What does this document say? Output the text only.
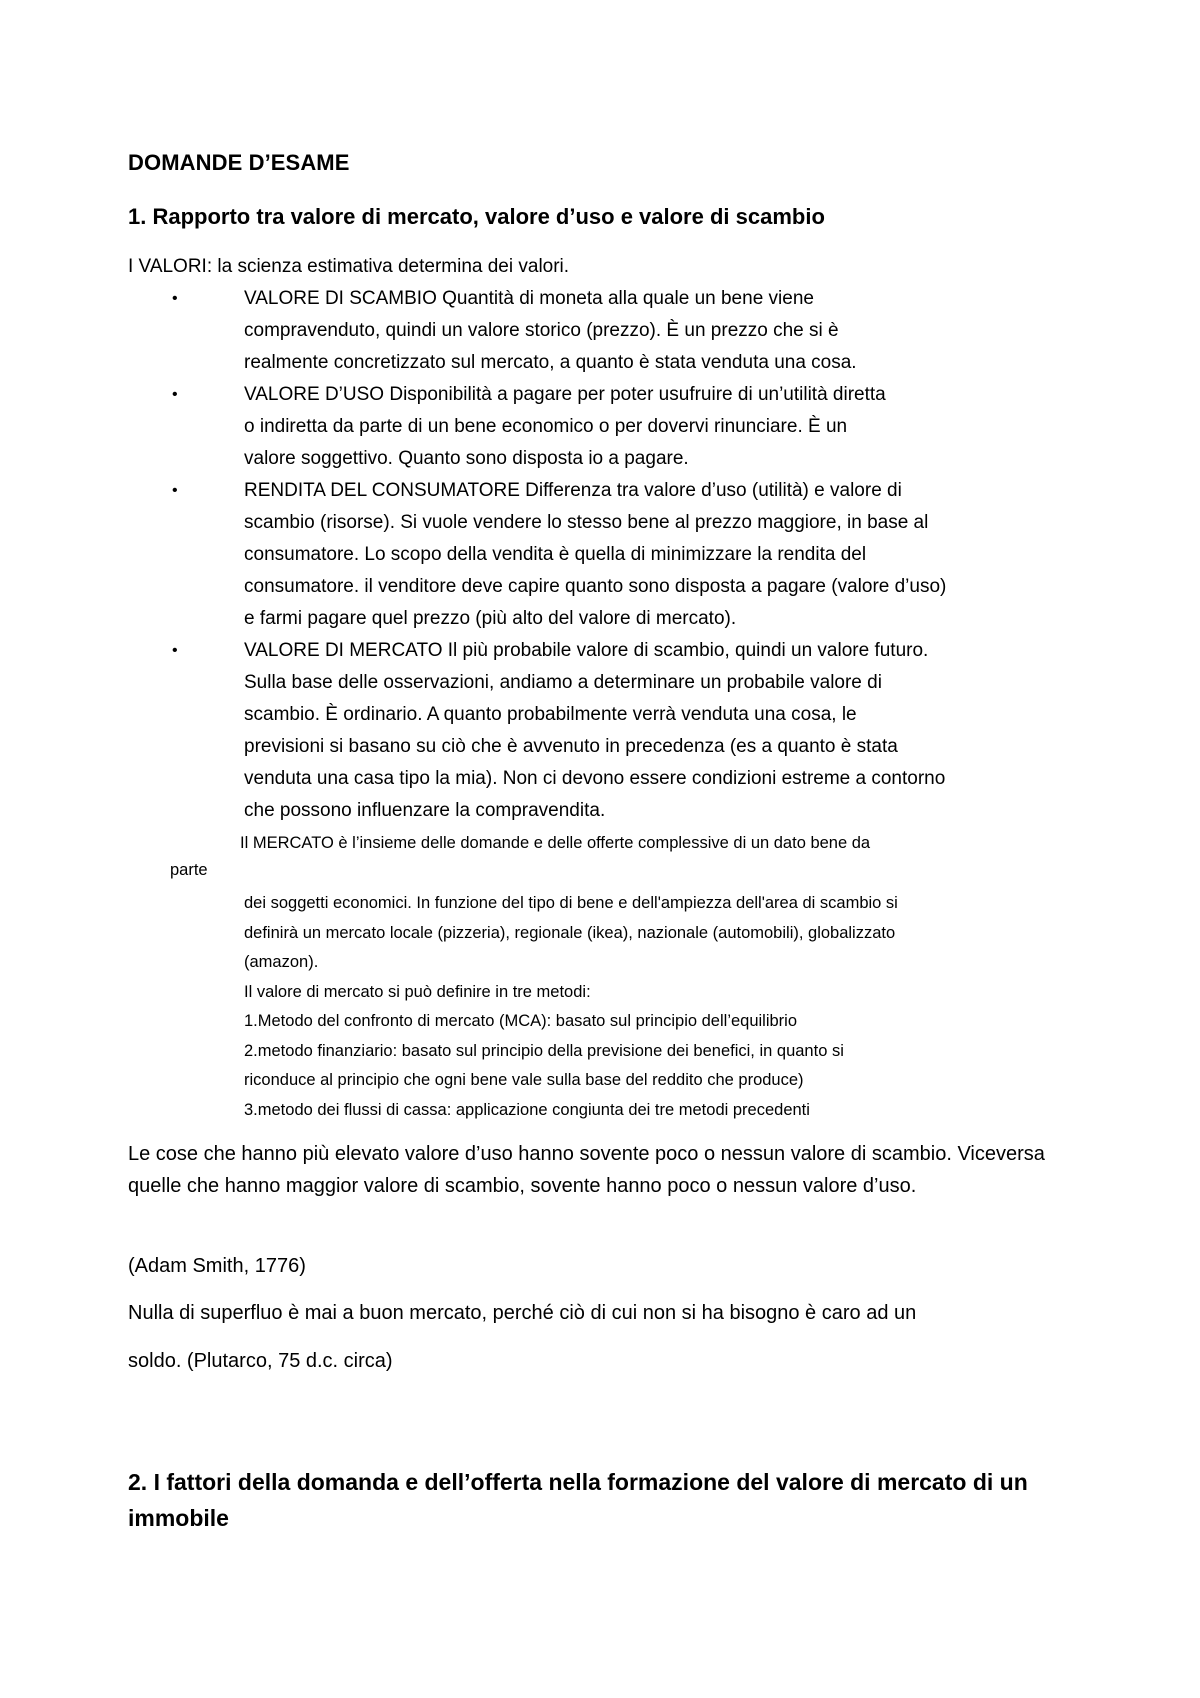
DOMANDE D’ESAME
1. Rapporto tra valore di mercato, valore d’uso e valore di scambio
I VALORI: la scienza estimativa determina dei valori.
•	VALORE DI SCAMBIO Quantità di moneta alla quale un bene viene
compravenduto, quindi un valore storico (prezzo). È un prezzo che si è
realmente concretizzato sul mercato, a quanto è stata venduta una cosa.
•	VALORE D’USO Disponibilità a pagare per poter usufruire di un’utilità diretta
o indiretta da parte di un bene economico o per dovervi rinunciare. È un
valore soggettivo. Quanto sono disposta io a pagare.
•	RENDITA DEL CONSUMATORE Differenza tra valore d’uso (utilità) e valore di
scambio (risorse). Si vuole vendere lo stesso bene al prezzo maggiore, in base al
consumatore. Lo scopo della vendita è quella di minimizzare la rendita del
consumatore. il venditore deve capire quanto sono disposta a pagare (valore d’uso)
e farmi pagare quel prezzo (più alto del valore di mercato).
•	VALORE DI MERCATO Il più probabile valore di scambio, quindi un valore futuro.
Sulla base delle osservazioni, andiamo a determinare un probabile valore di
scambio. È ordinario. A quanto probabilmente verrà venduta una cosa, le
previsioni si basano su ciò che è avvenuto in precedenza (es a quanto è stata
venduta una casa tipo la mia). Non ci devono essere condizioni estreme a contorno
che possono influenzare la compravendita.
Il MERCATO è l’insieme delle domande e delle offerte complessive di un dato bene da
parte
dei soggetti economici. In funzione del tipo di bene e dell'ampiezza dell'area di scambio si
definirà un mercato locale (pizzeria), regionale (ikea), nazionale (automobili), globalizzato
(amazon).
Il valore di mercato si può definire in tre metodi:
1.Metodo del confronto di mercato (MCA): basato sul principio dell’equilibrio
2.metodo finanziario: basato sul principio della previsione dei benefici, in quanto si
riconduce al principio che ogni bene vale sulla base del reddito che produce)
3.metodo dei flussi di cassa: applicazione congiunta dei tre metodi precedenti
Le cose che hanno più elevato valore d’uso hanno sovente poco o nessun valore di scambio. Viceversa quelle che hanno maggior valore di scambio, sovente hanno poco o nessun valore d’uso.
(Adam Smith, 1776)
Nulla di superfluo è mai a buon mercato, perché ciò di cui non si ha bisogno è caro ad un
soldo. (Plutarco, 75 d.c. circa)
2. I fattori della domanda e dell’offerta nella formazione del valore di mercato di un immobile
